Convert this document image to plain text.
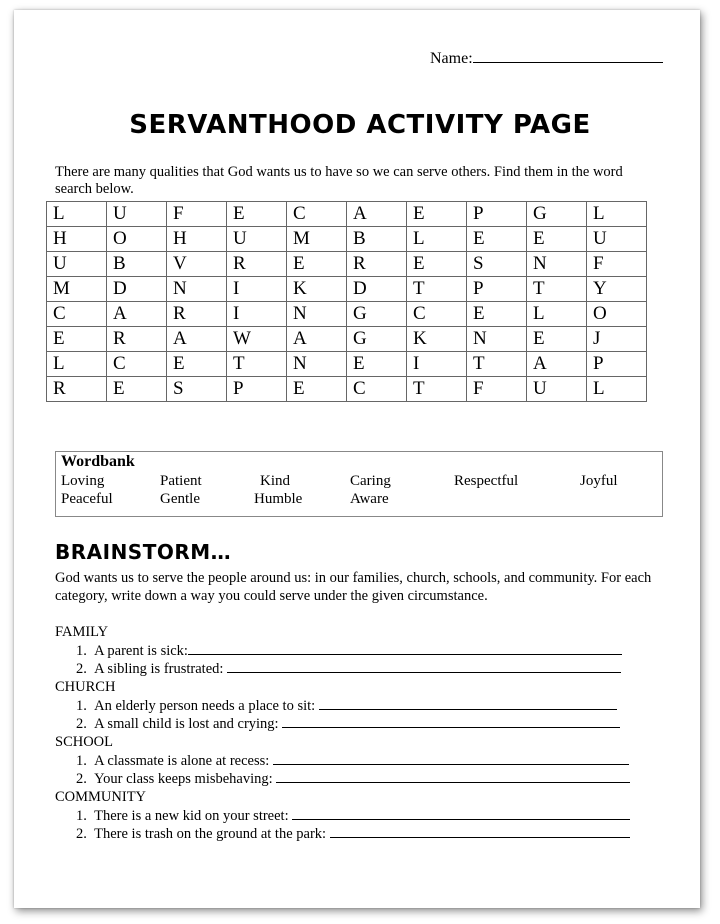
Name:
SERVANTHOOD ACTIVITY PAGE
There are many qualities that God wants us to have so we can serve others. Find them in the word search below.
L	U	F	E	C	A	E	P	G	L
H	O	H	U	M	B	L	E	E	U
U	B	V	R	E	R	E	S	N	F
M	D	N	I	K	D	T	P	T	Y
C	A	R	I	N	G	C	E	L	O
E	R	A	W	A	G	K	N	E	J
L	C	E	T	N	E	I	T	A	P
R	E	S	P	E	C	T	F	U	L
Wordbank
Loving	Patient	Kind	Caring	Respectful	Joyful
Peaceful	Gentle	Humble	Aware
BRAINSTORM…
God wants us to serve the people around us: in our families, church, schools, and community. For each category, write down a way you could serve under the given circumstance.
FAMILY
1. A parent is sick:
2. A sibling is frustrated:
CHURCH
1. An elderly person needs a place to sit:
2. A small child is lost and crying:
SCHOOL
1. A classmate is alone at recess:
2. Your class keeps misbehaving:
COMMUNITY
1. There is a new kid on your street:
2. There is trash on the ground at the park:
